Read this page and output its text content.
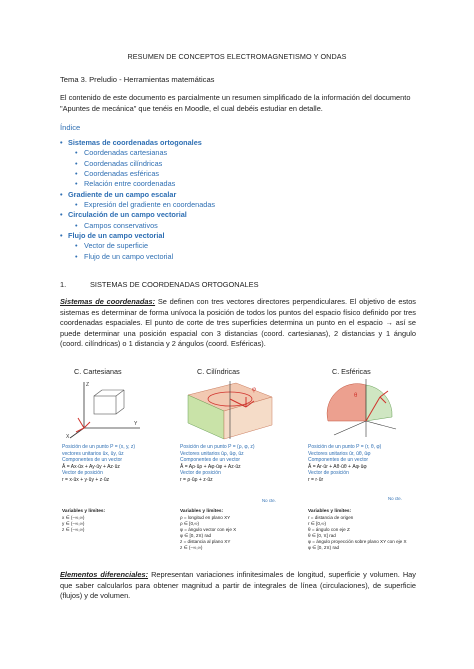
RESUMEN DE CONCEPTOS ELECTROMAGNETISMO Y ONDAS
Tema 3. Preludio - Herramientas matemáticas
El contenido de este documento es parcialmente un resumen simplificado de la información del documento "Apuntes de mecánica" que tenéis en Moodle, el cual debéis estudiar en detalle.
Índice
• Sistemas de coordenadas ortogonales
• Coordenadas cartesianas
• Coordenadas cilíndricas
• Coordenadas esféricas
• Relación entre coordenadas
• Gradiente de un campo escalar
• Expresión del gradiente en coordenadas
• Circulación de un campo vectorial
• Campos conservativos
• Flujo de un campo vectorial
• Vector de superficie
• Flujo de un campo vectorial
1.	SISTEMAS DE COORDENADAS ORTOGONALES
Sistemas de coordenadas: Se definen con tres vectores directores perpendiculares. El objetivo de estos sistemas es determinar de forma unívoca la posición de todos los puntos del espacio físico definido por tres coordenadas espaciales. El punto de corte de tres superficies determina un punto en el espacio → así se puede determinar una posición espacial con 3 distancias (coord. cartesianas), 2 distancias y 1 ángulo (coord. cilíndricas) o 1 distancia y 2 ángulos (coord. Esféricas).
C. Cartesianas	C. Cilíndricas	C. Esféricas
Z
Y
X
φ
θ
Posición de un punto P = (x, y, z)
vectores unitarios ûx, ûy, ûz
Componentes de un vector
Â = Ax·ûx + Ay·ûy + Az·ûz
Vector de posición
r = x·ûx + y·ûy + z·ûz
Posición de un punto P = (ρ, φ, z)
Vectores unitarios ûρ, ûφ, ûz
Componentes de un vector
Â = Aρ·ûρ + Aφ·ûφ + Az·ûz
Vector de posición
r = ρ·ûρ + z·ûz
Posición de un punto P = (r, θ, φ)
Vectores unitarios ûr, ûθ, ûφ
Componentes de un vector
Â = Ar·ûr + Aθ·ûθ + Aφ·ûφ
Vector de posición
r = r·ûr
No cte.	No cte.
Variables y límites:
x ∈ (−∞,∞)
y ∈ (−∞,∞)
z ∈ (−∞,∞)
Variables y límites:
ρ = longitud en plano XY
ρ ∈ [0,∞)
φ = ángulo vector con eje X
φ ∈ [0, 2π) rad
z = distancia al plano XY
z ∈ (−∞,∞)
Variables y límites:
r = distancia de origen
r ∈ [0,∞)
θ = ángulo con eje Z
θ ∈ [0, π] rad
φ = ángulo proyección sobre plano XY con eje X
φ ∈ [0, 2π) rad
Elementos diferenciales: Representan variaciones infinitesimales de longitud, superficie y volumen. Hay que saber calcularlos para obtener magnitud a partir de integrales de línea (circulaciones), de superficie (flujos) y de volumen.
